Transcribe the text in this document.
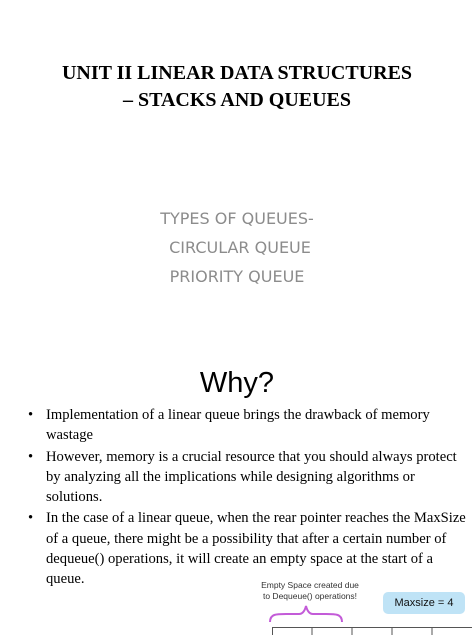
UNIT II LINEAR DATA STRUCTURES
– STACKS AND QUEUES
TYPES OF QUEUES-
CIRCULAR QUEUE
PRIORITY QUEUE
Why?
• Implementation of a linear queue brings the drawback of memory wastage
• However, memory is a crucial resource that you should always protect by analyzing all the implications while designing algorithms or solutions.
• In the case of a linear queue, when the rear pointer reaches the MaxSize of a queue, there might be a possibility that after a certain number of dequeue() operations, it will create an empty space at the start of a queue.	Empty Space created due
to Dequeue() operations!
Maxsize = 4
